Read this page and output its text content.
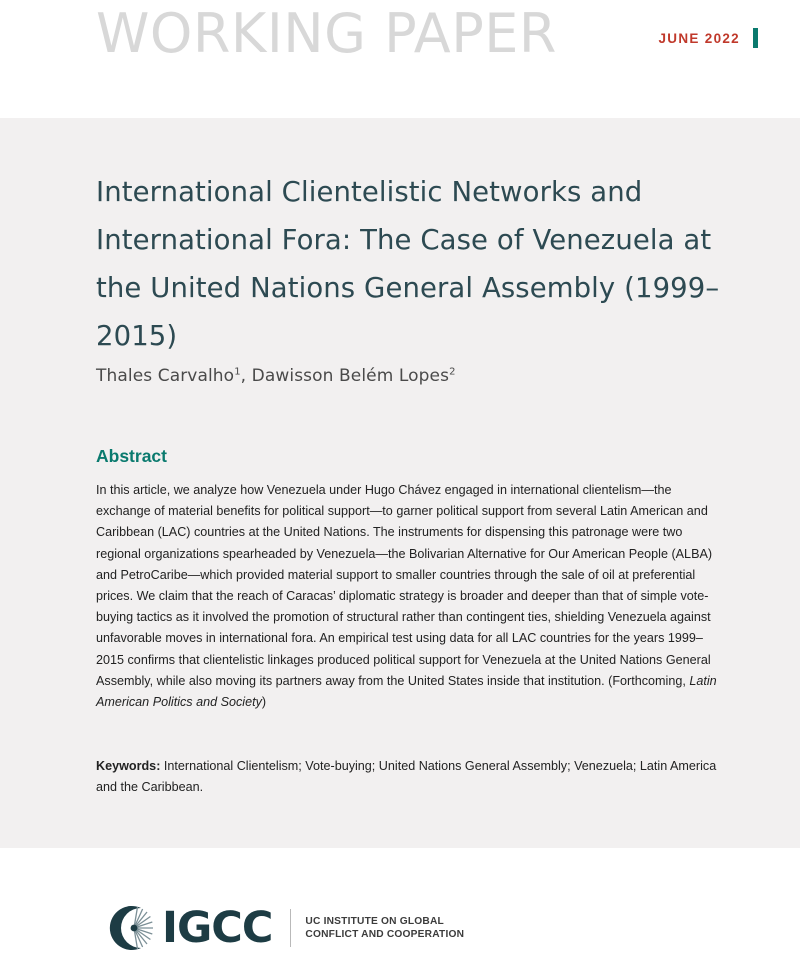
WORKING PAPER	JUNE 2022
International Clientelistic Networks and International Fora: The Case of Venezuela at the United Nations General Assembly (1999–2015)
Thales Carvalho$^1$, Dawisson Belém Lopes$^2$
Abstract
In this article, we analyze how Venezuela under Hugo Chávez engaged in international clientelism—the exchange of material benefits for political support—to garner political support from several Latin American and Caribbean (LAC) countries at the United Nations. The instruments for dispensing this patronage were two regional organizations spearheaded by Venezuela—the Bolivarian Alternative for Our American People (ALBA) and PetroCaribe—which provided material support to smaller countries through the sale of oil at preferential prices. We claim that the reach of Caracas’ diplomatic strategy is broader and deeper than that of simple vote-buying tactics as it involved the promotion of structural rather than contingent ties, shielding Venezuela against unfavorable moves in international fora. An empirical test using data for all LAC countries for the years 1999–2015 confirms that clientelistic linkages produced political support for Venezuela at the United Nations General Assembly, while also moving its partners away from the United States inside that institution. (Forthcoming, Latin American Politics and Society)
Keywords: International Clientelism; Vote-buying; United Nations General Assembly; Venezuela; Latin America and the Caribbean.
IGCC	UC INSTITUTE ON GLOBAL
CONFLICT AND COOPERATION
